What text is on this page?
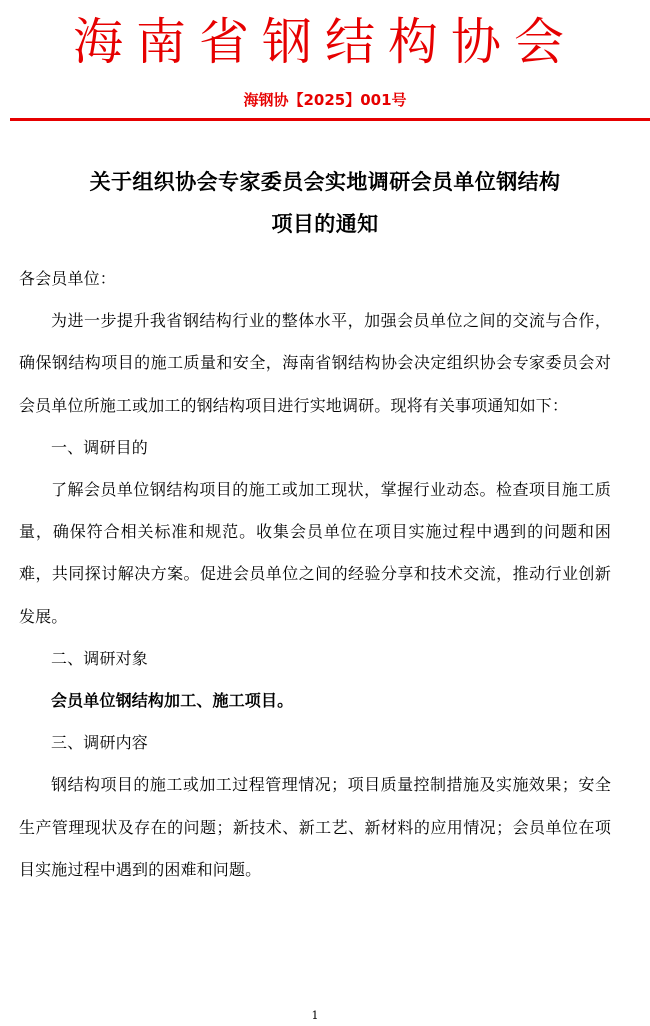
海南省钢结构协会
海钢协【2025】001号
关于组织协会专家委员会实地调研会员单位钢结构
项目的通知

各会员单位：

为进一步提升我省钢结构行业的整体水平，加强会员单位之间的交流与合作，确保钢结构项目的施工质量和安全，海南省钢结构协会决定组织协会专家委员会对会员单位所施工或加工的钢结构项目进行实地调研。现将有关事项通知如下：

一、调研目的

了解会员单位钢结构项目的施工或加工现状，掌握行业动态。检查项目施工质量，确保符合相关标准和规范。收集会员单位在项目实施过程中遇到的问题和困难，共同探讨解决方案。促进会员单位之间的经验分享和技术交流，推动行业创新发展。

二、调研对象

会员单位钢结构加工、施工项目。

三、调研内容

钢结构项目的施工或加工过程管理情况；项目质量控制措施及实施效果；安全生产管理现状及存在的问题；新技术、新工艺、新材料的应用情况；会员单位在项目实施过程中遇到的困难和问题。

1
